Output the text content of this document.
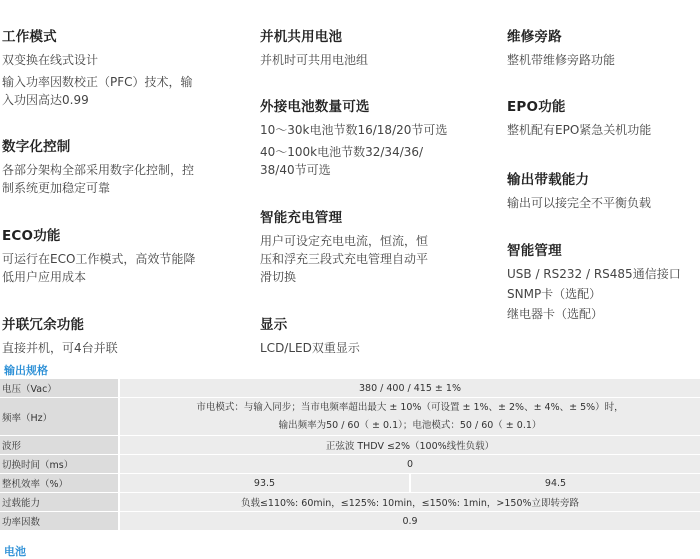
工作模式

双变换在线式设计
输入功率因数校正（PFC）技术，输
入功因高达0.99

数字化控制

各部分架构全部采用数字化控制，控
制系统更加稳定可靠

ECO功能

可运行在ECO工作模式，高效节能降
低用户应用成本

并联冗余功能

直接并机，可4台并联

并机共用电池

并机时可共用电池组

外接电池数量可选

10～30k电池节数16/18/20节可选
40～100k电池节数32/34/36/
38/40节可选

智能充电管理

用户可设定充电电流，恒流，恒
压和浮充三段式充电管理自动平
滑切换

显示

LCD/LED双重显示

维修旁路

整机带维修旁路功能

EPO功能

整机配有EPO紧急关机功能

输出带载能力

输出可以接完全不平衡负载

智能管理

USB / RS232 / RS485通信接口
SNMP卡（选配）
继电器卡（选配）

输出规格
电压（Vac）	380 / 400 / 415 ± 1%	
频率（Hz）	市电模式：与输入同步；当市电频率超出最大 ± 10%（可设置 ± 1%、± 2%、± 4%、± 5%）时，
输出频率为50 / 60（ ± 0.1）；电池模式：50 / 60（ ± 0.1）	

波形	正弦波 THDV ≤2%（100%线性负载）	
切换时间（ms）	0	
整机效率（%）	93.5	94.5
过载能力	负载≤110%: 60min，≤125%: 10min，≤150%: 1min，>150%立即转旁路	
功率因数	0.9	
电池
